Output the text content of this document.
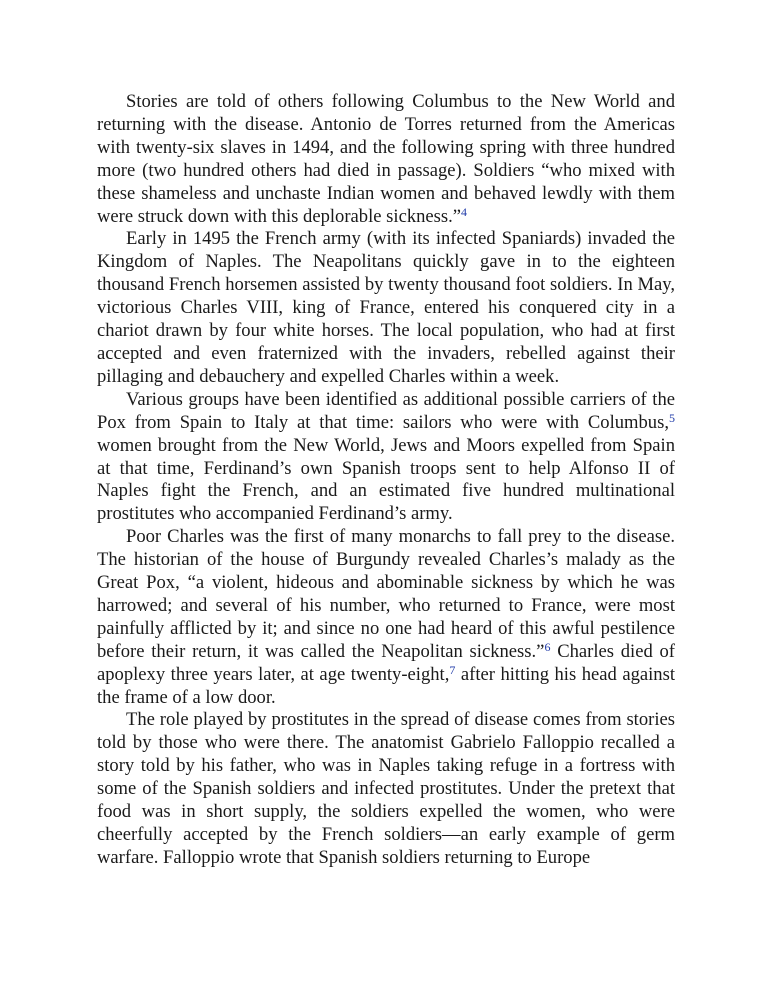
Stories are told of others following Columbus to the New World and returning with the disease. Antonio de Torres returned from the Americas with twenty-six slaves in 1494, and the following spring with three hundred more (two hundred others had died in passage). Soldiers “who mixed with these shameless and unchaste Indian women and behaved lewdly with them were struck down with this deplorable sickness.”$^4$

Early in 1495 the French army (with its infected Spaniards) invaded the Kingdom of Naples. The Neapolitans quickly gave in to the eighteen thousand French horsemen assisted by twenty thousand foot soldiers. In May, victorious Charles VIII, king of France, entered his conquered city in a chariot drawn by four white horses. The local population, who had at first accepted and even fraternized with the invaders, rebelled against their pillaging and debauchery and expelled Charles within a week.

Various groups have been identified as additional possible carriers of the Pox from Spain to Italy at that time: sailors who were with Columbus,$^5$ women brought from the New World, Jews and Moors expelled from Spain at that time, Ferdinand’s own Spanish troops sent to help Alfonso II of Naples fight the French, and an estimated five hundred multinational prostitutes who accompanied Ferdinand’s army.

Poor Charles was the first of many monarchs to fall prey to the disease. The historian of the house of Burgundy revealed Charles’s malady as the Great Pox, “a violent, hideous and abominable sickness by which he was harrowed; and several of his number, who returned to France, were most painfully afflicted by it; and since no one had heard of this awful pestilence before their return, it was called the Neapolitan sickness.”$^6$ Charles died of apoplexy three years later, at age twenty-eight,$^7$ after hitting his head against the frame of a low door.

The role played by prostitutes in the spread of disease comes from stories told by those who were there. The anatomist Gabrielo Falloppio recalled a story told by his father, who was in Naples taking refuge in a fortress with some of the Spanish soldiers and infected prostitutes. Under the pretext that food was in short supply, the soldiers expelled the women, who were cheerfully accepted by the French soldiers—an early example of germ warfare. Falloppio wrote that Spanish soldiers returning to Europe
